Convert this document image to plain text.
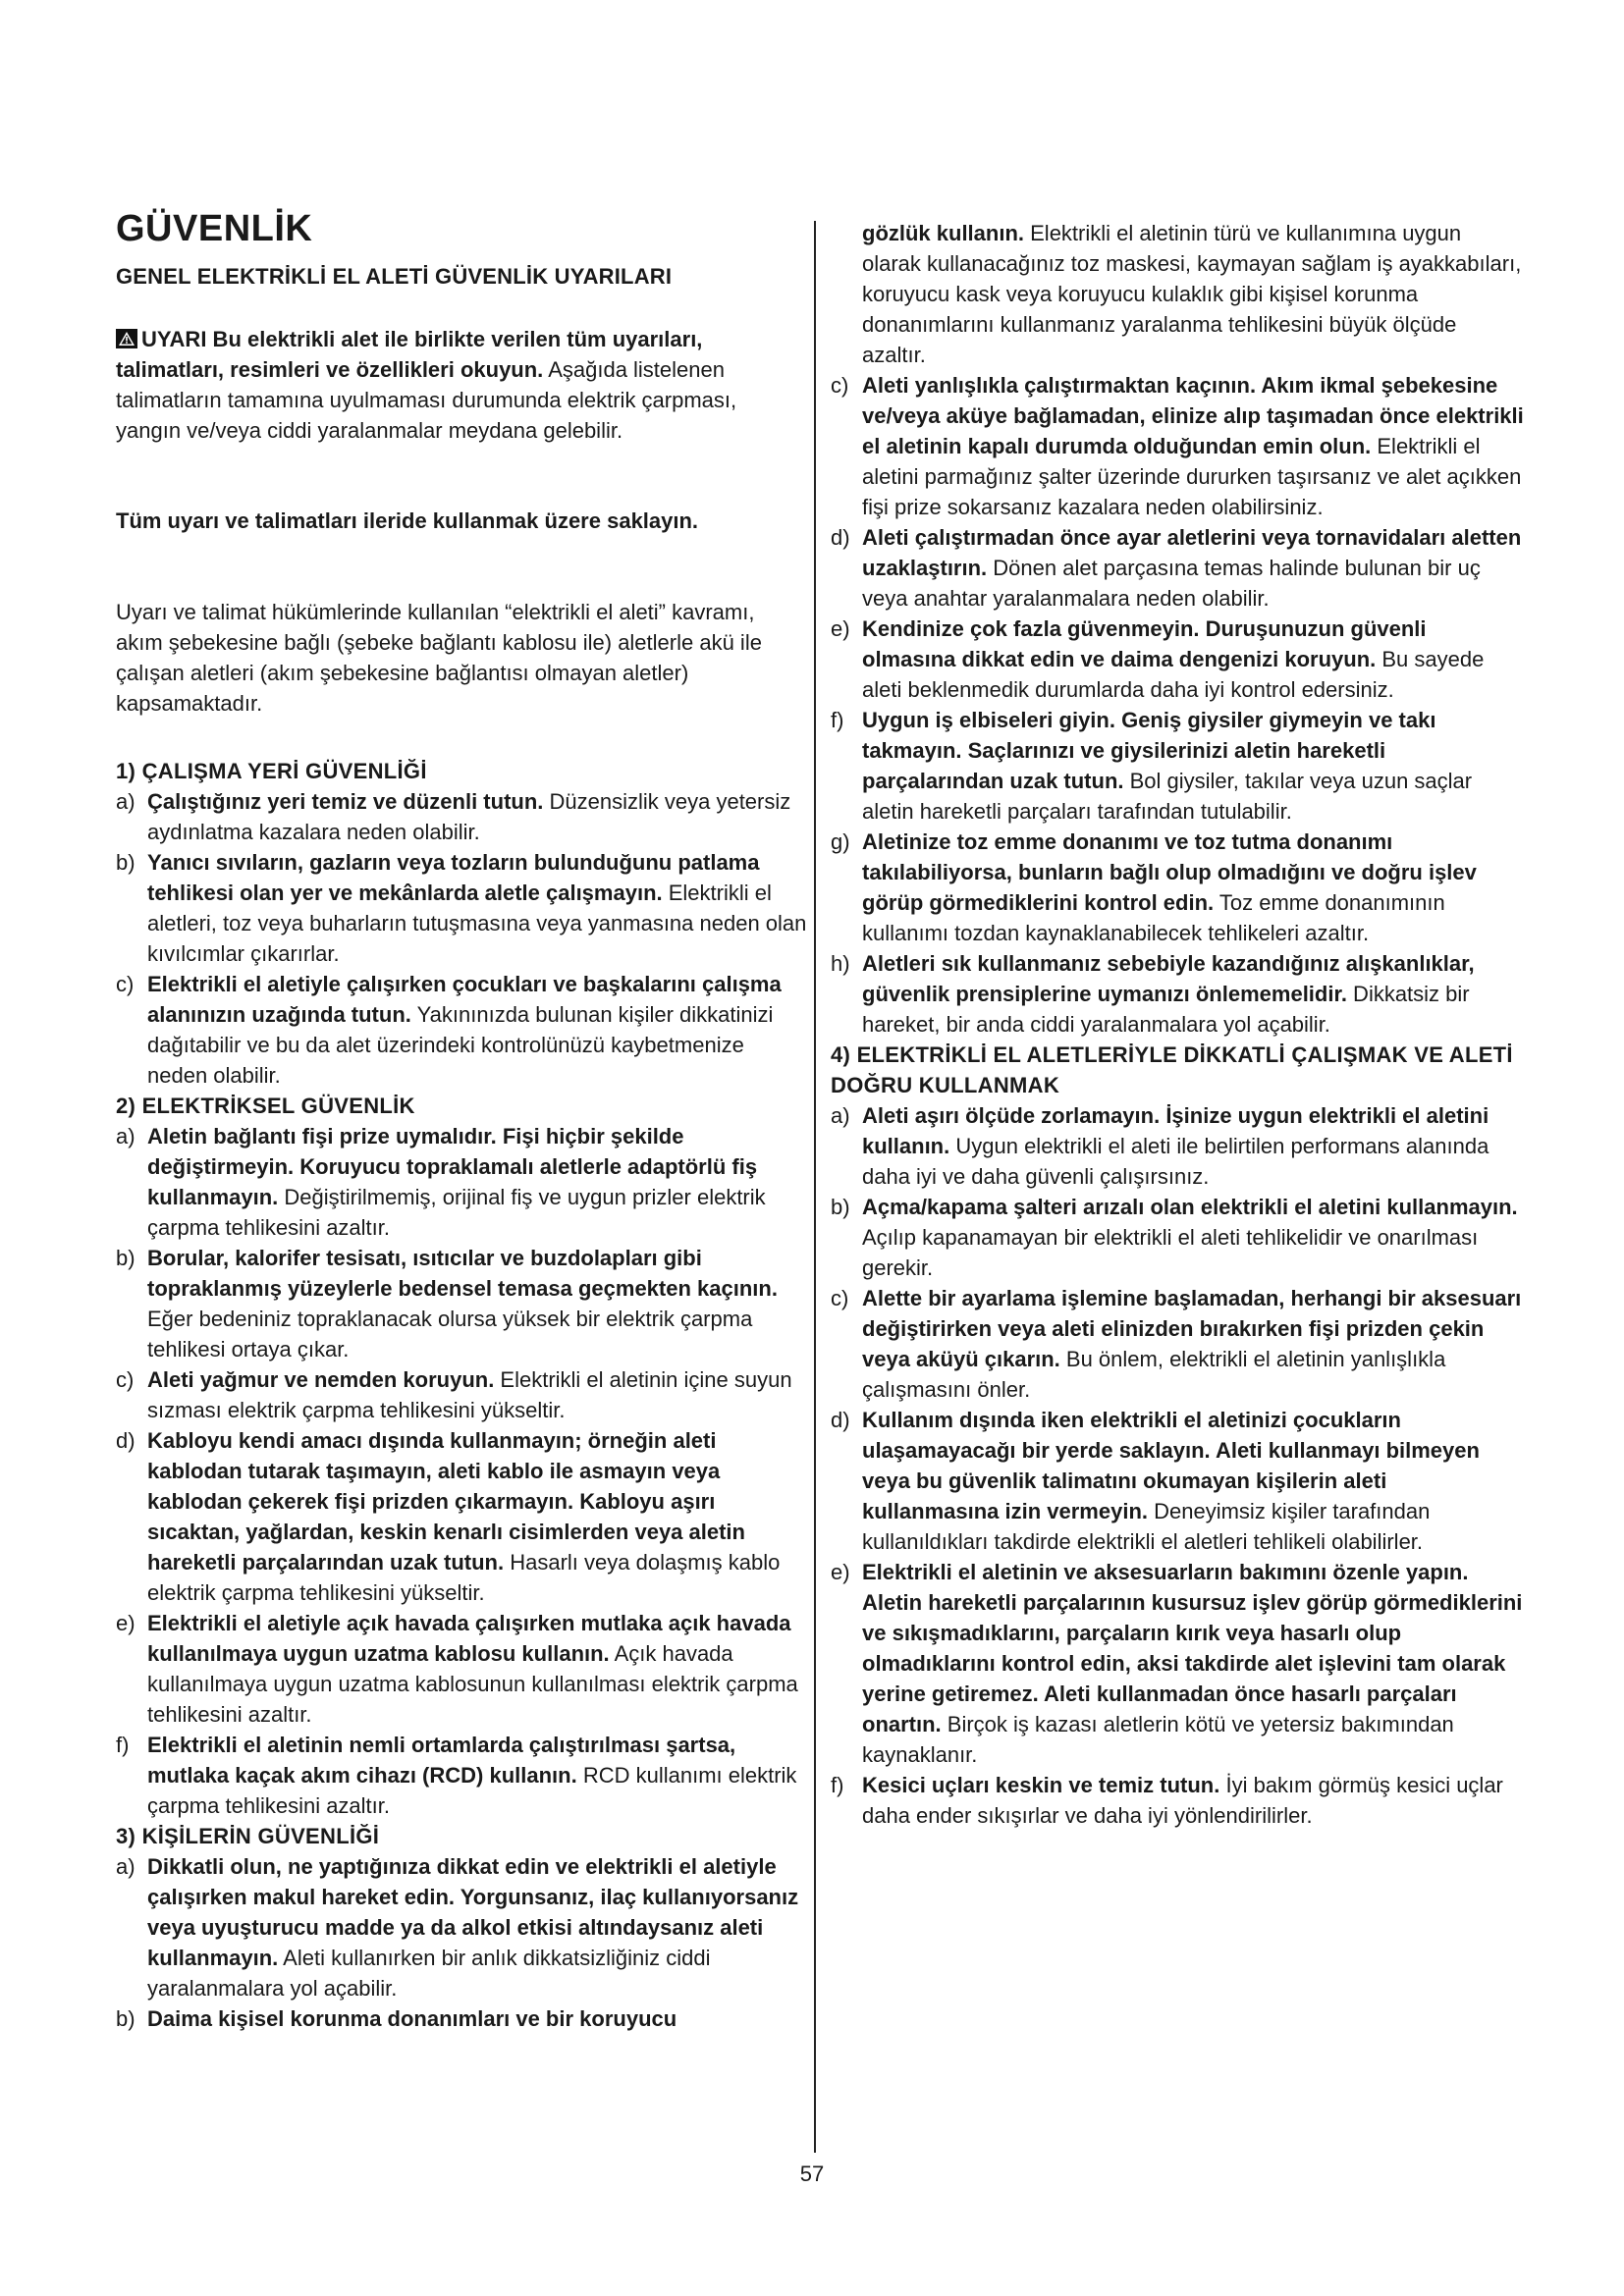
GÜVENLİK
GENEL ELEKTRİKLİ EL ALETİ GÜVENLİK UYARILARI

UYARI Bu elektrikli alet ile birlikte verilen tüm uyarıları, talimatları, resimleri ve özellikleri okuyun. Aşağıda listelenen talimatların tamamına uyulmaması durumunda elektrik çarpması, yangın ve/veya ciddi yaralanmalar meydana gelebilir.

Tüm uyarı ve talimatları ileride kullanmak üzere saklayın.

Uyarı ve talimat hükümlerinde kullanılan “elektrikli el aleti” kavramı, akım şebekesine bağlı (şebeke bağlantı kablosu ile) aletlerle akü ile çalışan aletleri (akım şebekesine bağlantısı olmayan aletler) kapsamaktadır.

1) ÇALIŞMA YERİ GÜVENLİĞİ

a) Çalıştığınız yeri temiz ve düzenli tutun. Düzensizlik veya yetersiz aydınlatma kazalara neden olabilir.
b) Yanıcı sıvıların, gazların veya tozların bulunduğunu patlama tehlikesi olan yer ve mekânlarda aletle çalışmayın. Elektrikli el aletleri, toz veya buharların tutuşmasına veya yanmasına neden olan kıvılcımlar çıkarırlar.
c) Elektrikli el aletiyle çalışırken çocukları ve başkalarını çalışma alanınızın uzağında tutun. Yakınınızda bulunan kişiler dikkatinizi dağıtabilir ve bu da alet üzerindeki kontrolünüzü kaybetmenize neden olabilir.

2) ELEKTRİKSEL GÜVENLİK

a) Aletin bağlantı fişi prize uymalıdır. Fişi hiçbir şekilde değiştirmeyin. Koruyucu topraklamalı aletlerle adaptörlü fiş kullanmayın. Değiştirilmemiş, orijinal fiş ve uygun prizler elektrik çarpma tehlikesini azaltır.
b) Borular, kalorifer tesisatı, ısıtıcılar ve buzdolapları gibi topraklanmış yüzeylerle bedensel temasa geçmekten kaçının. Eğer bedeniniz topraklanacak olursa yüksek bir elektrik çarpma tehlikesi ortaya çıkar.
c) Aleti yağmur ve nemden koruyun. Elektrikli el aletinin içine suyun sızması elektrik çarpma tehlikesini yükseltir.
d) Kabloyu kendi amacı dışında kullanmayın; örneğin aleti kablodan tutarak taşımayın, aleti kablo ile asmayın veya kablodan çekerek fişi prizden çıkarmayın. Kabloyu aşırı sıcaktan, yağlardan, keskin kenarlı cisimlerden veya aletin hareketli parçalarından uzak tutun. Hasarlı veya dolaşmış kablo elektrik çarpma tehlikesini yükseltir.
e) Elektrikli el aletiyle açık havada çalışırken mutlaka açık havada kullanılmaya uygun uzatma kablosu kullanın. Açık havada kullanılmaya uygun uzatma kablosunun kullanılması elektrik çarpma tehlikesini azaltır.
f) Elektrikli el aletinin nemli ortamlarda çalıştırılması şartsa, mutlaka kaçak akım cihazı (RCD) kullanın. RCD kullanımı elektrik çarpma tehlikesini azaltır.

3) KİŞİLERİN GÜVENLİĞİ

a) Dikkatli olun, ne yaptığınıza dikkat edin ve elektrikli el aletiyle çalışırken makul hareket edin. Yorgunsanız, ilaç kullanıyorsanız veya uyuşturucu madde ya da alkol etkisi altındaysanız aleti kullanmayın. Aleti kullanırken bir anlık dikkatsizliğiniz ciddi yaralanmalara yol açabilir.
b) Daima kişisel korunma donanımları ve bir koruyucu
gözlük kullanın. Elektrikli el aletinin türü ve kullanımına uygun olarak kullanacağınız toz maskesi, kaymayan sağlam iş ayakkabıları, koruyucu kask veya koruyucu kulaklık gibi kişisel korunma donanımlarını kullanmanız yaralanma tehlikesini büyük ölçüde azaltır.
c) Aleti yanlışlıkla çalıştırmaktan kaçının. Akım ikmal şebekesine ve/veya aküye bağlamadan, elinize alıp taşımadan önce elektrikli el aletinin kapalı durumda olduğundan emin olun. Elektrikli el aletini parmağınız şalter üzerinde dururken taşırsanız ve alet açıkken fişi prize sokarsanız kazalara neden olabilirsiniz.
d) Aleti çalıştırmadan önce ayar aletlerini veya tornavidaları aletten uzaklaştırın. Dönen alet parçasına temas halinde bulunan bir uç veya anahtar yaralanmalara neden olabilir.
e) Kendinize çok fazla güvenmeyin. Duruşunuzun güvenli olmasına dikkat edin ve daima dengenizi koruyun. Bu sayede aleti beklenmedik durumlarda daha iyi kontrol edersiniz.
f) Uygun iş elbiseleri giyin. Geniş giysiler giymeyin ve takı takmayın. Saçlarınızı ve giysilerinizi aletin hareketli parçalarından uzak tutun. Bol giysiler, takılar veya uzun saçlar aletin hareketli parçaları tarafından tutulabilir.
g) Aletinize toz emme donanımı ve toz tutma donanımı takılabiliyorsa, bunların bağlı olup olmadığını ve doğru işlev görüp görmediklerini kontrol edin. Toz emme donanımının kullanımı tozdan kaynaklanabilecek tehlikeleri azaltır.
h) Aletleri sık kullanmanız sebebiyle kazandığınız alışkanlıklar, güvenlik prensiplerine uymanızı önlememelidir. Dikkatsiz bir hareket, bir anda ciddi yaralanmalara yol açabilir.

4) ELEKTRİKLİ EL ALETLERİYLE DİKKATLİ ÇALIŞMAK VE ALETİ DOĞRU KULLANMAK

a) Aleti aşırı ölçüde zorlamayın. İşinize uygun elektrikli el aletini kullanın. Uygun elektrikli el aleti ile belirtilen performans alanında daha iyi ve daha güvenli çalışırsınız.
b) Açma/kapama şalteri arızalı olan elektrikli el aletini kullanmayın. Açılıp kapanamayan bir elektrikli el aleti tehlikelidir ve onarılması gerekir.
c) Alette bir ayarlama işlemine başlamadan, herhangi bir aksesuarı değiştirirken veya aleti elinizden bırakırken fişi prizden çekin veya aküyü çıkarın. Bu önlem, elektrikli el aletinin yanlışlıkla çalışmasını önler.
d) Kullanım dışında iken elektrikli el aletinizi çocukların ulaşamayacağı bir yerde saklayın. Aleti kullanmayı bilmeyen veya bu güvenlik talimatını okumayan kişilerin aleti kullanmasına izin vermeyin. Deneyimsiz kişiler tarafından kullanıldıkları takdirde elektrikli el aletleri tehlikeli olabilirler.
e) Elektrikli el aletinin ve aksesuarların bakımını özenle yapın. Aletin hareketli parçalarının kusursuz işlev görüp görmediklerini ve sıkışmadıklarını, parçaların kırık veya hasarlı olup olmadıklarını kontrol edin, aksi takdirde alet işlevini tam olarak yerine getiremez. Aleti kullanmadan önce hasarlı parçaları onartın. Birçok iş kazası aletlerin kötü ve yetersiz bakımından kaynaklanır.
f) Kesici uçları keskin ve temiz tutun. İyi bakım görmüş kesici uçlar daha ender sıkışırlar ve daha iyi yönlendirilirler.
57
